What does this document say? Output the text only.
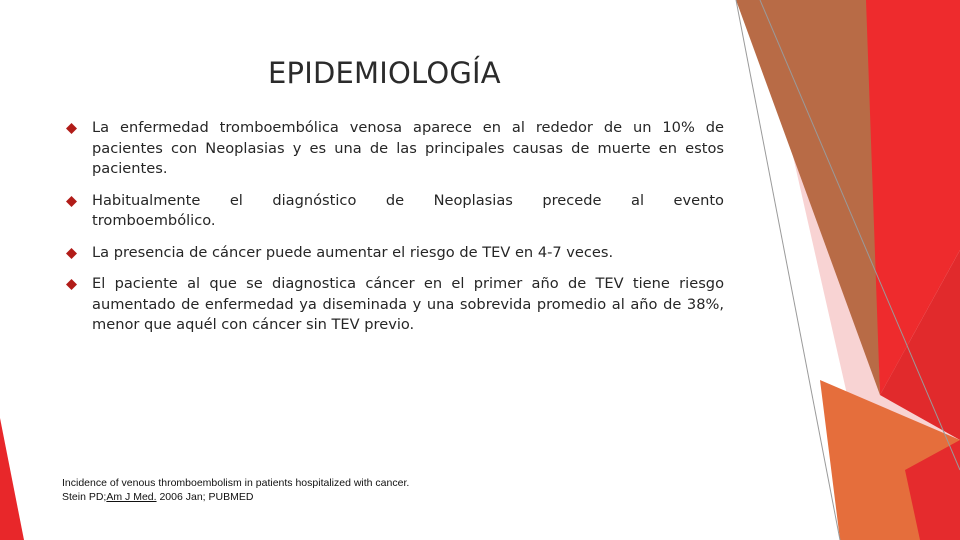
EPIDEMIOLOGÍA
La enfermedad tromboembólica venosa aparece en al rededor de un 10% de pacientes con Neoplasias y es una de las principales causas de muerte en estos pacientes.
Habitualmente el diagnóstico de Neoplasias precede al evento
tromboembólico.
La presencia de cáncer puede aumentar el riesgo de TEV en 4-7 veces.
El paciente al que se diagnostica cáncer en el primer año de TEV tiene riesgo aumentado de enfermedad ya diseminada y una sobrevida promedio al año de 38%, menor que aquél con cáncer sin TEV previo.
Incidence of venous thromboembolism in patients hospitalized with cancer.
Stein PD;Am J Med. 2006 Jan; PUBMED
